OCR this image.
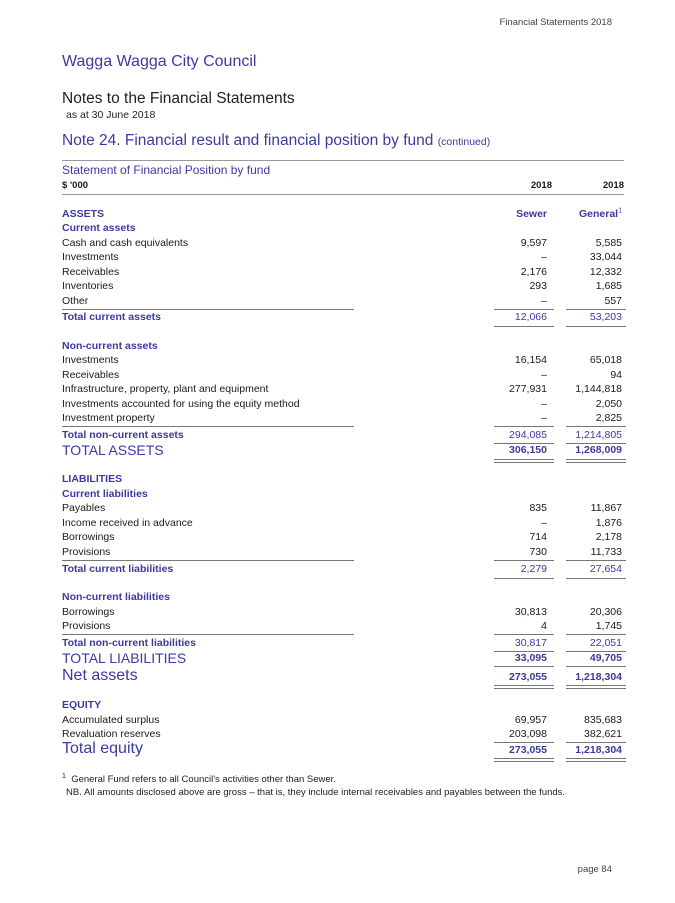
Financial Statements 2018
Wagga Wagga City Council
Notes to the Financial Statements
as at 30 June 2018
Note 24. Financial result and financial position by fund (continued)
Statement of Financial Position by fund
$ '000	2018	2018
ASSETS	Sewer	General$^1$
Current assets
Cash and cash equivalents	9,597	5,585
Investments	–	33,044
Receivables	2,176	12,332
Inventories	293	1,685
Other	–	557
Total current assets	12,066	53,203
Non-current assets
Investments	16,154	65,018
Receivables	–	94
Infrastructure, property, plant and equipment	277,931	1,144,818
Investments accounted for using the equity method	–	2,050
Investment property	–	2,825
Total non-current assets	294,085	1,214,805
TOTAL ASSETS	306,150	1,268,009
LIABILITIES
Current liabilities
Payables	835	11,867
Income received in advance	–	1,876
Borrowings	714	2,178
Provisions	730	11,733
Total current liabilities	2,279	27,654
Non-current liabilities
Borrowings	30,813	20,306
Provisions	4	1,745
Total non-current liabilities	30,817	22,051
TOTAL LIABILITIES	33,095	49,705
Net assets	273,055	1,218,304
EQUITY
Accumulated surplus	69,957	835,683
Revaluation reserves	203,098	382,621
Total equity	273,055	1,218,304
$^1$ General Fund refers to all Council's activities other than Sewer.
NB. All amounts disclosed above are gross – that is, they include internal receivables and payables between the funds.
page 84
